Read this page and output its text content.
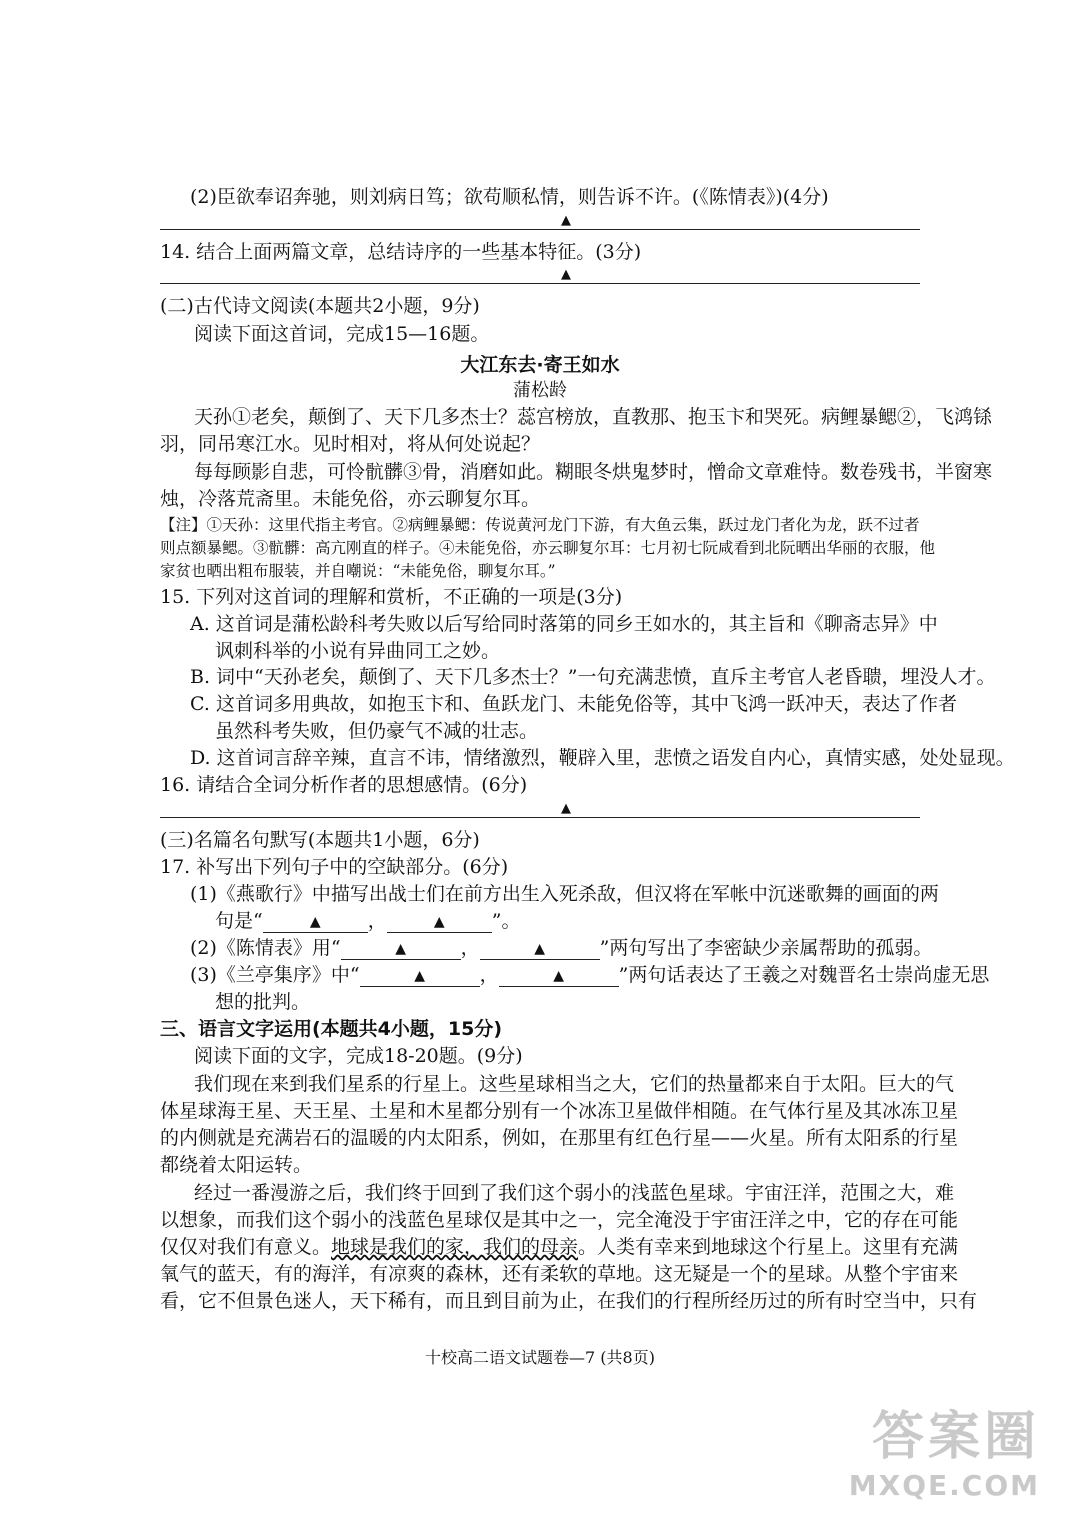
(2)臣欲奉诏奔驰，则刘病日笃；欲苟顺私情，则告诉不许。(《陈情表》)(4分)
▲
14. 结合上面两篇文章，总结诗序的一些基本特征。(3分)
▲
(二)古代诗文阅读(本题共2小题，9分)
阅读下面这首词，完成15—16题。
大江东去·寄王如水
蒲松龄
天孙①老矣，颠倒了、天下几多杰士？蕊宫榜放，直教那、抱玉卞和哭死。病鲤暴鳃②，飞鸿铩
羽，同吊寒江水。见时相对，将从何处说起？
每每顾影自悲，可怜骯髒③骨，消磨如此。糊眼冬烘鬼梦时，憎命文章难恃。数卷残书，半窗寒
烛，冷落荒斋里。未能免俗，亦云聊复尔耳。
【注】①天孙：这里代指主考官。②病鲤暴鳃：传说黄河龙门下游，有大鱼云集，跃过龙门者化为龙，跃不过者
则点额暴鳃。③骯髒：高亢刚直的样子。④未能免俗，亦云聊复尔耳：七月初七阮咸看到北阮晒出华丽的衣服，他
家贫也晒出粗布服装，并自嘲说：“未能免俗，聊复尔耳。”
15. 下列对这首词的理解和赏析，不正确的一项是(3分)
A. 这首词是蒲松龄科考失败以后写给同时落第的同乡王如水的，其主旨和《聊斋志异》中
讽刺科举的小说有异曲同工之妙。
B. 词中“天孙老矣，颠倒了、天下几多杰士？”一句充满悲愤，直斥主考官人老昏聩，埋没人才。
C. 这首词多用典故，如抱玉卞和、鱼跃龙门、未能免俗等，其中飞鸿一跃冲天，表达了作者
虽然科考失败，但仍豪气不减的壮志。
D. 这首词言辞辛辣，直言不讳，情绪激烈，鞭辟入里，悲愤之语发自内心，真情实感，处处显现。
16. 请结合全词分析作者的思想感情。(6分)
▲
(三)名篇名句默写(本题共1小题，6分)
17. 补写出下列句子中的空缺部分。(6分)
(1)《燕歌行》中描写出战士们在前方出生入死杀敌，但汉将在军帐中沉迷歌舞的画面的两
句是“	▲ ，	▲ ”。
(2)《陈情表》用“	▲	，	▲	”两句写出了李密缺少亲属帮助的孤弱。
(3)《兰亭集序》中“	▲	，	▲	”两句话表达了王羲之对魏晋名士崇尚虚无思
想的批判。
三、语言文字运用(本题共4小题，15分)
阅读下面的文字，完成18-20题。(9分)
我们现在来到我们星系的行星上。这些星球相当之大，它们的热量都来自于太阳。巨大的气
体星球海王星、天王星、土星和木星都分别有一个冰冻卫星做伴相随。在气体行星及其冰冻卫星
的内侧就是充满岩石的温暖的内太阳系，例如，在那里有红色行星——火星。所有太阳系的行星
都绕着太阳运转。
经过一番漫游之后，我们终于回到了我们这个弱小的浅蓝色星球。宇宙汪洋，范围之大，难
以想象，而我们这个弱小的浅蓝色星球仅是其中之一，完全淹没于宇宙汪洋之中，它的存在可能
仅仅对我们有意义。地球是我们的家，我们的母亲。人类有幸来到地球这个行星上。这里有充满
氧气的蓝天，有的海洋，有凉爽的森林，还有柔软的草地。这无疑是一个的星球。从整个宇宙来
看，它不但景色迷人，天下稀有，而且到目前为止，在我们的行程所经历过的所有时空当中，只有
十校高二语文试题卷—7 (共8页)
答案圈
MXQE.COM
